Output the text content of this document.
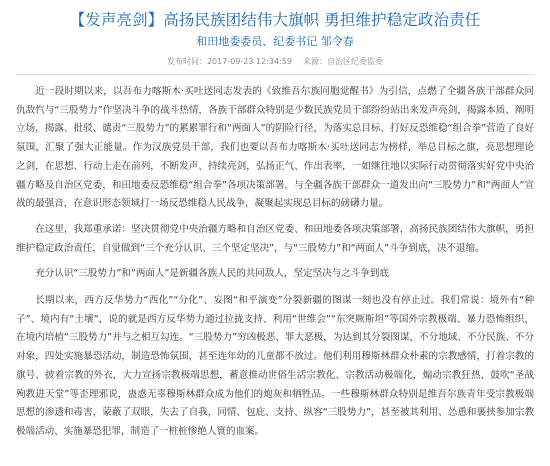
【发声亮剑】高扬民族团结伟大旗帜 勇担维护稳定政治责任
和田地委委员、纪委书记 邹令春
发布时间：2017-09-23 12:34:59 来源：自治区纪委监委

近一段时期以来，以吾布力喀斯木·买吐送同志发表的《致维吾尔族同胞觉醒书》为引信，点燃了全疆各族干部群众同仇敌忾与“三股势力”作坚决斗争的战斗热情，各族干部群众特别是少数民族党员干部纷纷站出来发声亮剑，揭露本质、阐明立场，揭露、批驳、谴责“三股势力”的累累罪行和“两面人”的阴险行径，为落实总目标、打好反恐维稳“组合拳”营造了良好氛围，汇聚了强大正能量。作为汉族党员干部，我们也要以吾布力喀斯木·买吐送同志为榜样，举总目标之旗，亮思想理论之剑，在思想、行动上走在前列，不断发声、持续亮剑，弘扬正气、作出表率，一如继往地以实际行动贯彻落实好党中央治疆方略及自治区党委、和田地委反恐维稳“组合拳”各项决策部署，与全疆各族干部群众一道发出向“三股势力”和“两面人”宣战的最强音，在意识形态领域打一场反恐维稳人民战争，凝聚起实现总目标的磅礴力量。

在这里，我郑重承诺：坚决贯彻党中央治疆方略和自治区党委、和田地委各项决策部署，高扬民族团结伟大旗帜，勇担维护稳定政治责任，自觉做到“三个充分认识、三个坚定坚决”，与“三股势力”和“两面人”斗争到底，决不退缩。

充分认识“三股势力”和“两面人”是新疆各族人民的共同敌人，坚定坚决与之斗争到底

长期以来，西方反华势力“西化”“分化”、妄图“和平演变”分裂新疆的图谋一刻也没有停止过。我们常说：境外有“种子”、境内有“土壤”，说的就是西方反华势力通过拉拢支持、利用“世维会”“东突厥斯坦”等国外宗教极端、暴力恐怖组织，在境内培植“三股势力”并与之相互勾连。“三股势力”穷凶极恶、罪大恶极，为达到其分裂图谋，不分地域、不分民族、不分对象，四处实施暴恐活动，制造恐怖氛围，甚至连年幼的儿童都不放过。他们利用穆斯林群众朴素的宗教感情，打着宗教的旗号、披着宗教的外衣，大力宣扬宗教极端思想，蓄意推动世俗生活宗教化、宗教活动极端化，煽动宗教狂热，鼓吹“圣战殉教进天堂”等歪理邪说，蛊惑无辜穆斯林群众成为他们的炮灰和牺牲品。一些穆斯林群众特别是维吾尔族青年受宗教极端思想的渗透和毒害，蒙蔽了双眼，失去了自我，同情、包庇、支持、纵容“三股势力”，甚至被其利用、怂恿和裹挟参加宗教极端活动、实施暴恐犯罪，制造了一桩桩惨绝人寰的血案。
